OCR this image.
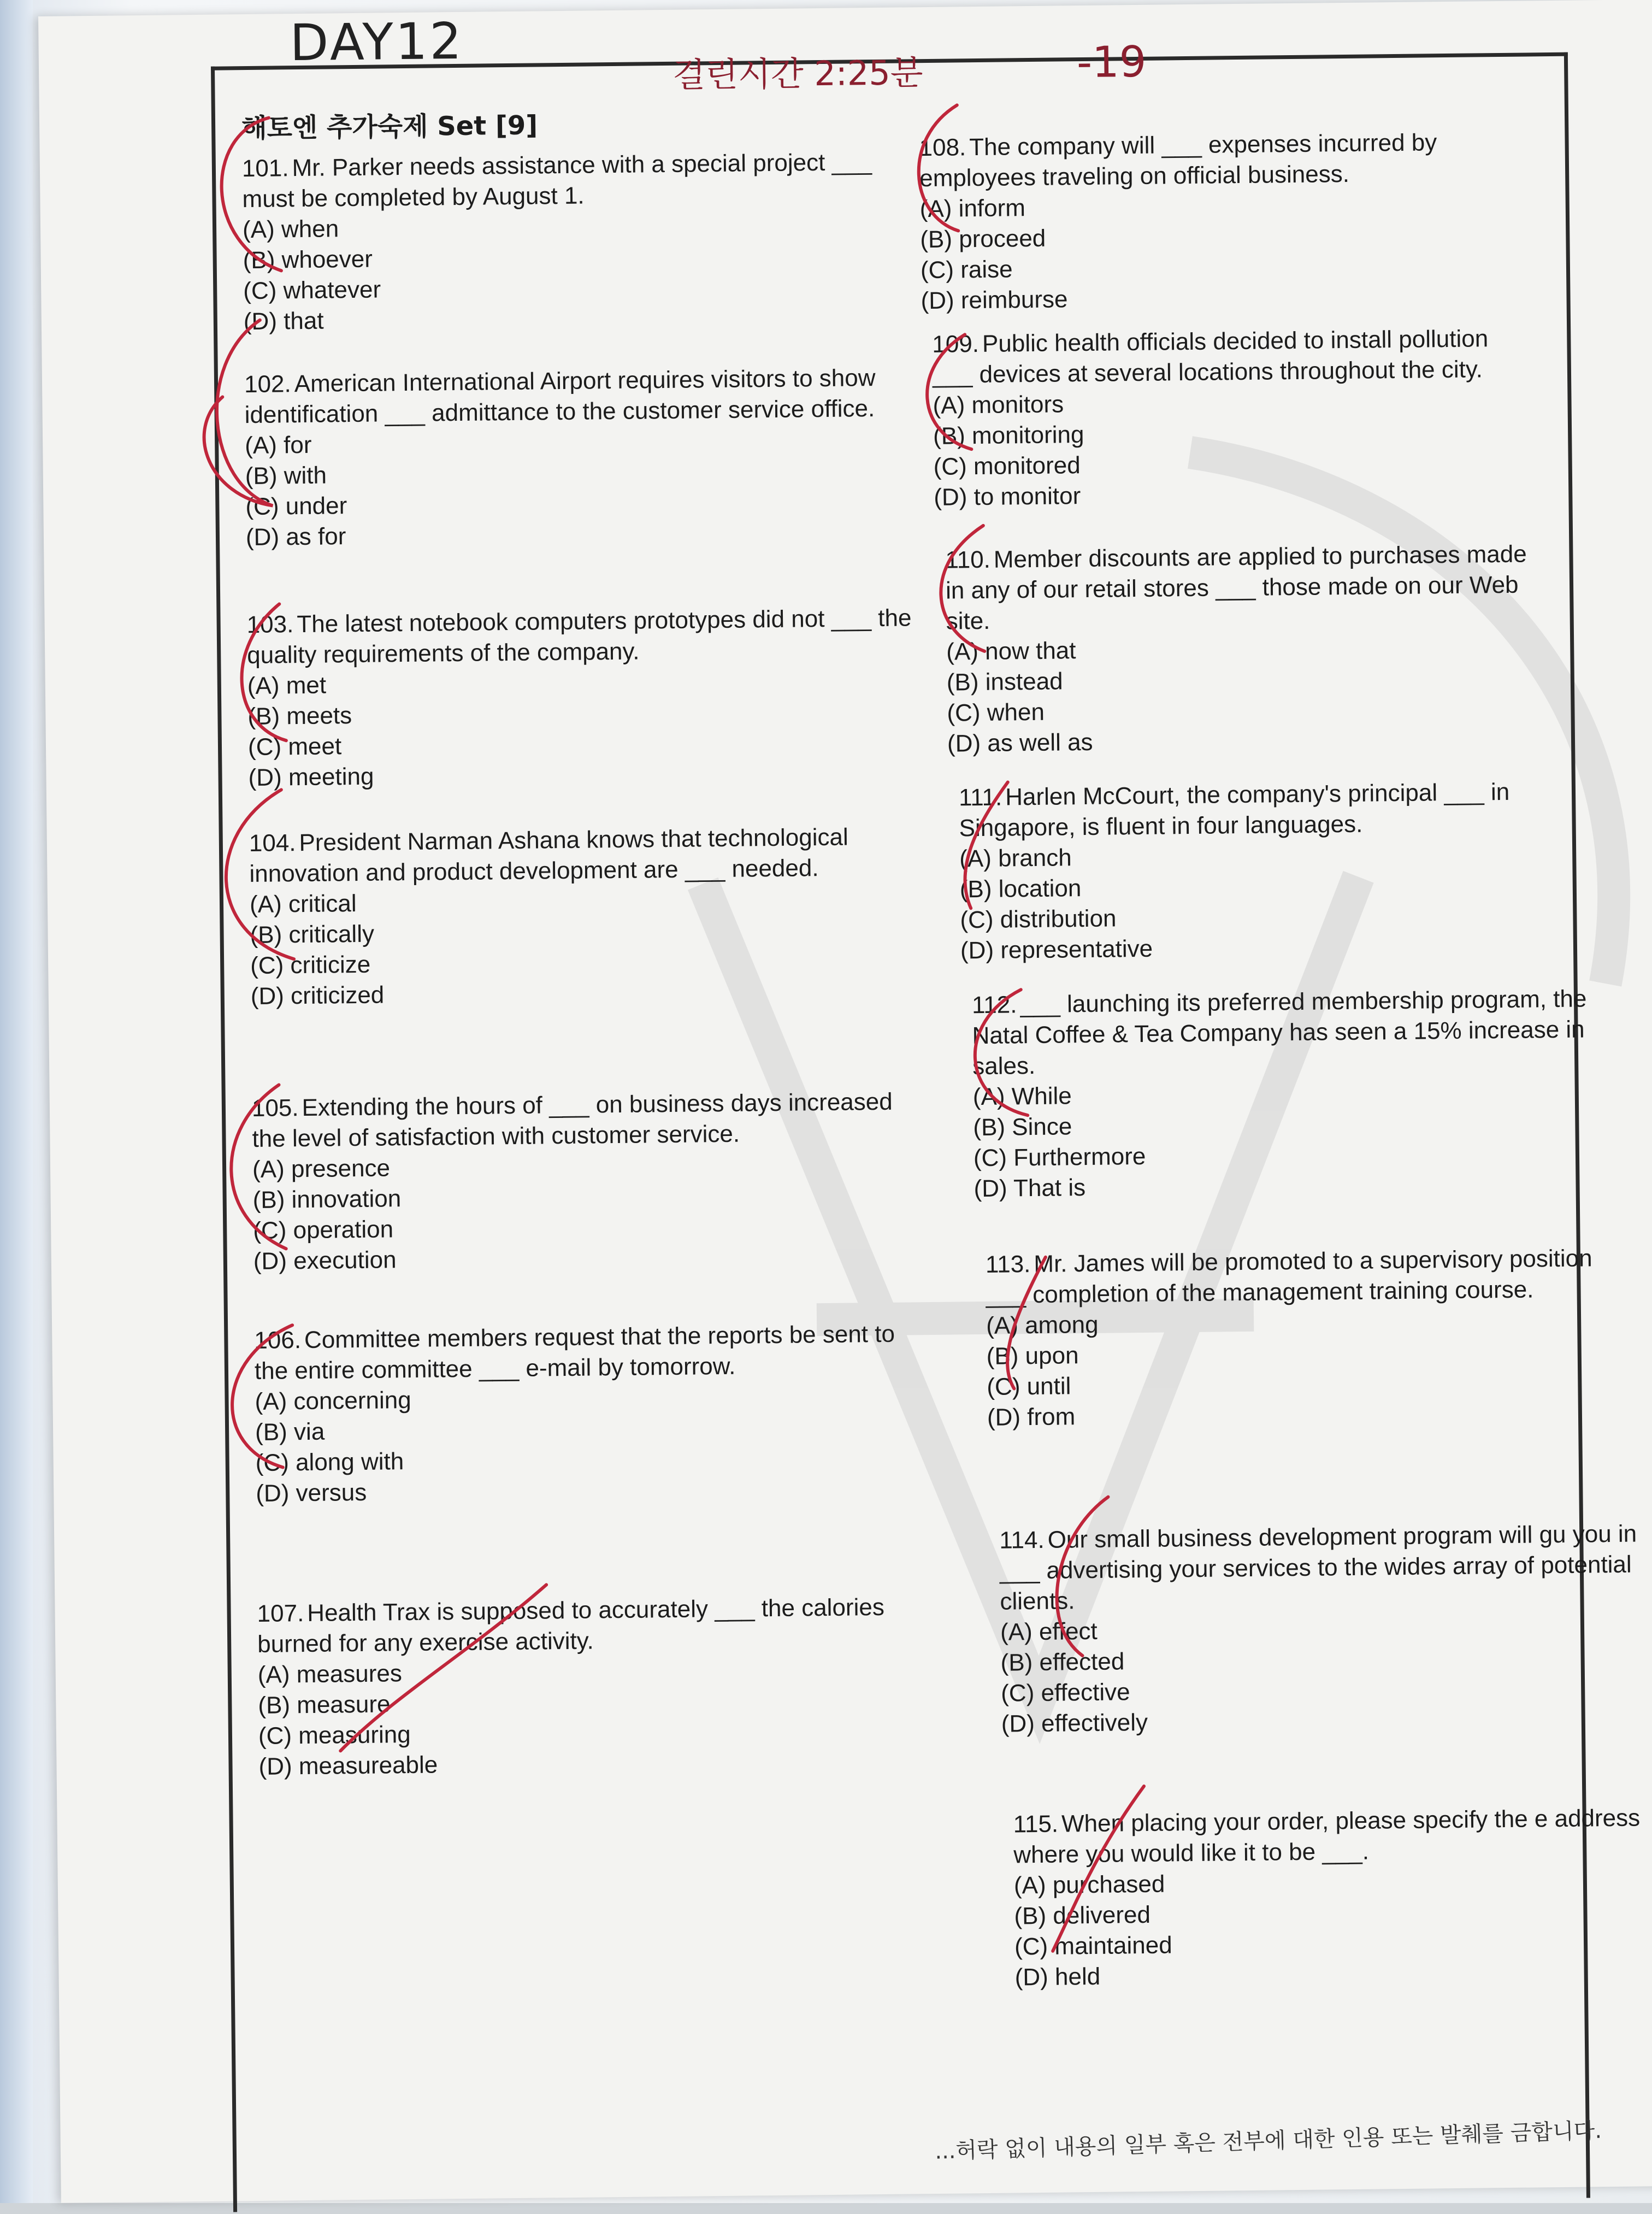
DAY12
걸린시간 2:25분	-19
해토엔 추가숙제 Set [9]
101. Mr. Parker needs assistance with a special project ___ must be completed by August 1.
(A) when
(B) whoever
(C) whatever
(D) that
102. American International Airport requires visitors to show identification ___ admittance to the customer service office.
(A) for
(B) with
(C) under
(D) as for
103. The latest notebook computers prototypes did not ___ the quality requirements of the company.
(A) met
(B) meets
(C) meet
(D) meeting
104. President Narman Ashana knows that technological innovation and product development are ___ needed.
(A) critical
(B) critically
(C) criticize
(D) criticized
105. Extending the hours of ___ on business days increased the level of satisfaction with customer service.
(A) presence
(B) innovation
(C) operation
(D) execution
106. Committee members request that the reports be sent to the entire committee ___ e-mail by tomorrow.
(A) concerning
(B) via
(C) along with
(D) versus
107. Health Trax is supposed to accurately ___ the calories burned for any exercise activity.
(A) measures
(B) measure
(C) measuring
(D) measureable
108. The company will ___ expenses incurred by employees traveling on official business.
(A) inform
(B) proceed
(C) raise
(D) reimburse
109. Public health officials decided to install pollution ___ devices at several locations throughout the city.
(A) monitors
(B) monitoring
(C) monitored
(D) to monitor
110. Member discounts are applied to purchases made in any of our retail stores ___ those made on our Web site.
(A) now that
(B) instead
(C) when
(D) as well as
111. Harlen McCourt, the company's principal ___ in Singapore, is fluent in four languages.
(A) branch
(B) location
(C) distribution
(D) representative
112. ___ launching its preferred membership program, the Natal Coffee & Tea Company has seen a 15% increase in sales.
(A) While
(B) Since
(C) Furthermore
(D) That is
113. Mr. James will be promoted to a supervisory position ___ completion of the management training course.
(A) among
(B) upon
(C) until
(D) from
114. Our small business development program will gu you in ___ advertising your services to the wides array of potential clients.
(A) effect
(B) effected
(C) effective
(D) effectively
115. When placing your order, please specify the e address where you would like it to be ___.
(A) purchased
(B) delivered
(C) maintained
(D) held
...허락 없이 내용의 일부 혹은 전부에 대한 인용 또는 발췌를 금합니다.
